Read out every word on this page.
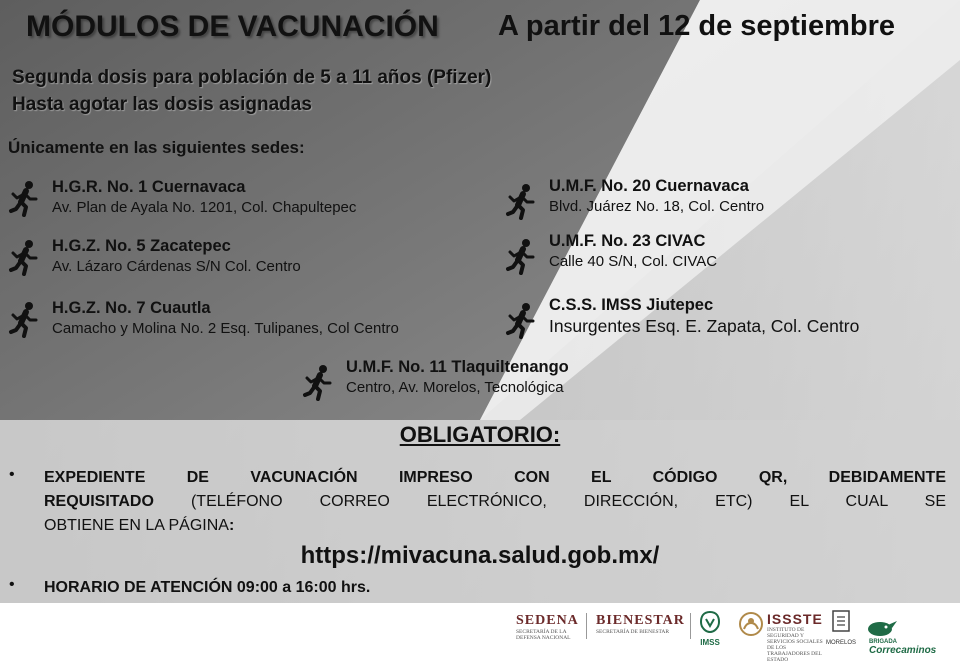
MÓDULOS DE VACUNACIÓN A partir del 12 de septiembre
Segunda dosis para población de 5 a 11 años (Pfizer)
Hasta agotar las dosis asignadas
Únicamente en las siguientes sedes:
H.G.R. No. 1 Cuernavaca
Av. Plan de Ayala No. 1201, Col. Chapultepec
H.G.Z. No. 5 Zacatepec
Av. Lázaro Cárdenas S/N Col. Centro
H.G.Z. No. 7 Cuautla
Camacho y Molina No. 2 Esq. Tulipanes, Col Centro
U.M.F. No. 20 Cuernavaca
Blvd. Juárez No. 18, Col. Centro
U.M.F. No. 23 CIVAC
Calle 40 S/N, Col. CIVAC
C.S.S. IMSS Jiutepec
Insurgentes Esq. E. Zapata, Col. Centro
U.M.F. No. 11 Tlaquiltenango
Centro, Av. Morelos, Tecnológica
OBLIGATORIO:
• EXPEDIENTE DE VACUNACIÓN IMPRESO CON EL CÓDIGO QR, DEBIDAMENTE
REQUISITADO (TELÉFONO CORREO ELECTRÓNICO, DIRECCIÓN, ETC) EL CUAL SE
OBTIENE EN LA PÁGINA:
https://mivacuna.salud.gob.mx/
• HORARIO DE ATENCIÓN 09:00 a 16:00 hrs.
SEDENA
SECRETARÍA DE LA DEFENSA NACIONAL
BIENESTAR
SECRETARÍA DE BIENESTAR
IMSS
ISSSTE
INSTITUTO DE SEGURIDAD Y SERVICIOS SOCIALES DE LOS TRABAJADORES DEL ESTADO
MORELOS BRIGADA
Correcaminos
